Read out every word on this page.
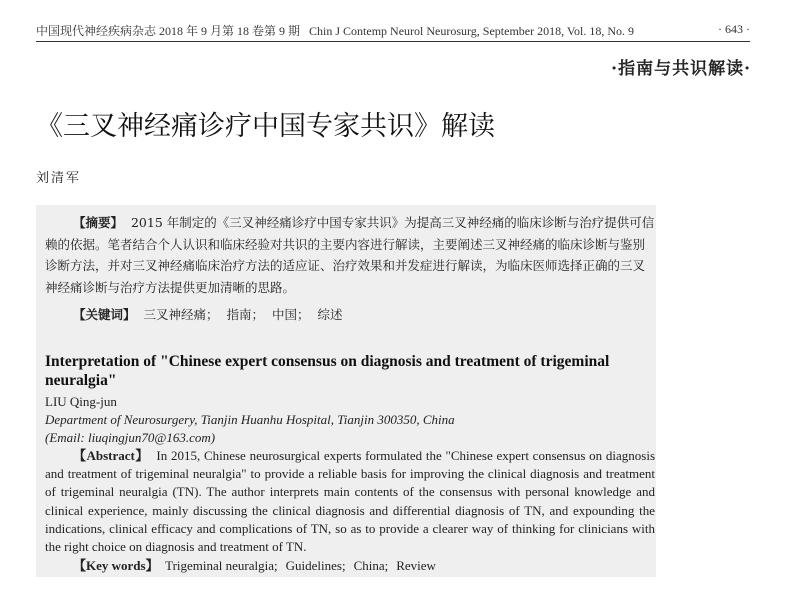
中国现代神经疾病杂志 2018 年 9 月第 18 卷第 9 期 Chin J Contemp Neurol Neurosurg, September 2018, Vol. 18, No. 9	· 643 ·
·指南与共识解读·
《三叉神经痛诊疗中国专家共识》解读
刘清军
【摘要】 2015 年制定的《三叉神经痛诊疗中国专家共识》为提高三叉神经痛的临床诊断与治疗提供可信赖的依据。笔者结合个人认识和临床经验对共识的主要内容进行解读，主要阐述三叉神经痛的临床诊断与鉴别诊断方法，并对三叉神经痛临床治疗方法的适应证、治疗效果和并发症进行解读，为临床医师选择正确的三叉神经痛诊断与治疗方法提供更加清晰的思路。
【关键词】 三叉神经痛； 指南； 中国； 综述
Interpretation of "Chinese expert consensus on diagnosis and treatment of trigeminal neuralgia"
LIU Qing-jun
Department of Neurosurgery, Tianjin Huanhu Hospital, Tianjin 300350, China
(Email: liuqingjun70@163.com)
【Abstract】 In 2015, Chinese neurosurgical experts formulated the "Chinese expert consensus on diagnosis and treatment of trigeminal neuralgia" to provide a reliable basis for improving the clinical diagnosis and treatment of trigeminal neuralgia (TN). The author interprets main contents of the consensus with personal knowledge and clinical experience, mainly discussing the clinical diagnosis and differential diagnosis of TN, and expounding the indications, clinical efficacy and complications of TN, so as to provide a clearer way of thinking for clinicians with the right choice on diagnosis and treatment of TN.
【Key words】 Trigeminal neuralgia; Guidelines; China; Review
